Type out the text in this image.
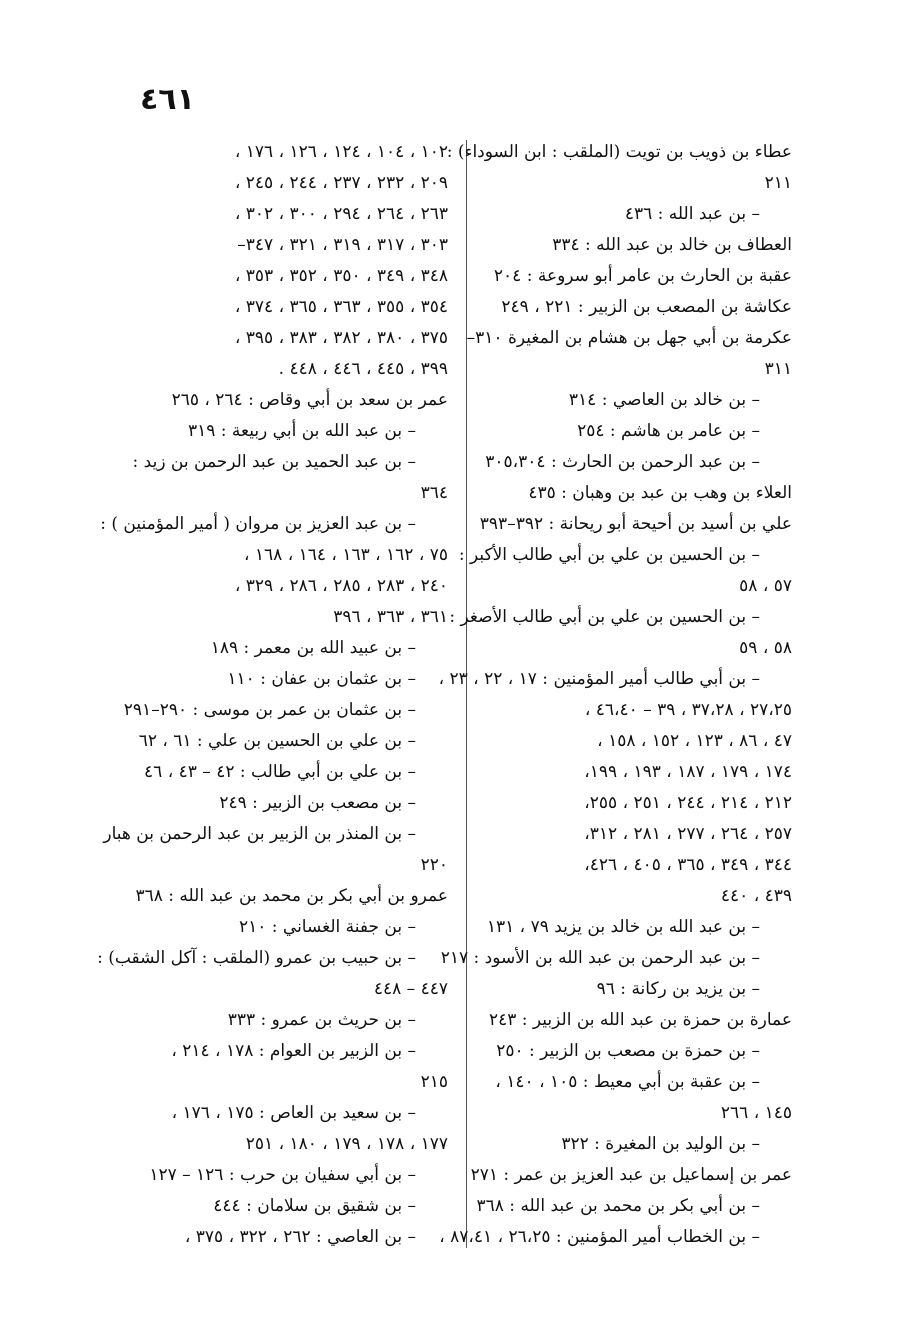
٤٦١
عطاء بن ذويب بن تويت (الملقب : ابن السوداء) :
٢١١
– بن عبد الله : ٤٣٦
العطاف بن خالد بن عبد الله : ٣٣٤
عقبة بن الحارث بن عامر أبو سروعة : ٢٠٤
عكاشة بن المصعب بن الزبير : ٢٢١ ، ٢٤٩
عكرمة بن أبي جهل بن هشام بن المغيرة ٣١٠–
٣١١
– بن خالد بن العاصي : ٣١٤
– بن عامر بن هاشم : ٢٥٤
– بن عبد الرحمن بن الحارث : ٣٠٥،٣٠٤
العلاء بن وهب بن عبد بن وهبان : ٤٣٥
علي بن أسيد بن أحيحة أبو ريحانة : ٣٩٢–٣٩٣
– بن الحسين بن علي بن أبي طالب الأكبر :
٥٧ ، ٥٨
– بن الحسين بن علي بن أبي طالب الأصغر :
٥٨ ، ٥٩
– بن أبي طالب أمير المؤمنين : ١٧ ، ٢٢ ، ٢٣ ،
٢٧،٢٥ ، ٣٧،٢٨ ، ٣٩ – ٤٦،٤٠ ،
٤٧ ، ٨٦ ، ١٢٣ ، ١٥٢ ، ١٥٨ ،
١٧٤ ، ١٧٩ ، ١٨٧ ، ١٩٣ ، ١٩٩،
٢١٢ ، ٢١٤ ، ٢٤٤ ، ٢٥١ ، ٢٥٥،
٢٥٧ ، ٢٦٤ ، ٢٧٧ ، ٢٨١ ، ٣١٢،
٣٤٤ ، ٣٤٩ ، ٣٦٥ ، ٤٠٥ ، ٤٢٦،
٤٣٩ ، ٤٤٠
– بن عبد الله بن خالد بن يزيد ٧٩ ، ١٣١
– بن عبد الرحمن بن عبد الله بن الأسود : ٢١٧
– بن يزيد بن ركانة : ٩٦
عمارة بن حمزة بن عبد الله بن الزبير : ٢٤٣
– بن حمزة بن مصعب بن الزبير : ٢٥٠
– بن عقبة بن أبي معيط : ١٠٥ ، ١٤٠ ،
١٤٥ ، ٢٦٦
– بن الوليد بن المغيرة : ٣٢٢
عمر بن إسماعيل بن عبد العزيز بن عمر : ٢٧١
– بن أبي بكر بن محمد بن عبد الله : ٣٦٨
– بن الخطاب أمير المؤمنين : ٢٦،٢٥ ، ٨٧،٤١ ،
١٠٢ ، ١٠٤ ، ١٢٤ ، ١٢٦ ، ١٧٦ ،
٢٠٩ ، ٢٣٢ ، ٢٣٧ ، ٢٤٤ ، ٢٤٥ ،
٢٦٣ ، ٢٦٤ ، ٢٩٤ ، ٣٠٠ ، ٣٠٢ ،
٣٠٣ ، ٣١٧ ، ٣١٩ ، ٣٢١ ، ٣٤٧–
٣٤٨ ، ٣٤٩ ، ٣٥٠ ، ٣٥٢ ، ٣٥٣ ،
٣٥٤ ، ٣٥٥ ، ٣٦٣ ، ٣٦٥ ، ٣٧٤ ،
٣٧٥ ، ٣٨٠ ، ٣٨٢ ، ٣٨٣ ، ٣٩٥ ،
٣٩٩ ، ٤٤٥ ، ٤٤٦ ، ٤٤٨ .
عمر بن سعد بن أبي وقاص : ٢٦٤ ، ٢٦٥
– بن عبد الله بن أبي ربيعة : ٣١٩
– بن عبد الحميد بن عبد الرحمن بن زيد :
٣٦٤
– بن عبد العزيز بن مروان ( أمير المؤمنين ) :
٧٥ ، ١٦٢ ، ١٦٣ ، ١٦٤ ، ١٦٨ ،
٢٤٠ ، ٢٨٣ ، ٢٨٥ ، ٢٨٦ ، ٣٢٩ ،
٣٦١ ، ٣٦٣ ، ٣٩٦
– بن عبيد الله بن معمر : ١٨٩
– بن عثمان بن عفان : ١١٠
– بن عثمان بن عمر بن موسى : ٢٩٠–٢٩١
– بن علي بن الحسين بن علي : ٦١ ، ٦٢
– بن علي بن أبي طالب : ٤٢ – ٤٣ ، ٤٦
– بن مصعب بن الزبير : ٢٤٩
– بن المنذر بن الزبير بن عبد الرحمن بن هبار
٢٢٠
عمرو بن أبي بكر بن محمد بن عبد الله : ٣٦٨
– بن جفنة الغساني : ٢١٠
– بن حبيب بن عمرو (الملقب : آكل الشقب) :
٤٤٧ – ٤٤٨
– بن حريث بن عمرو : ٣٣٣
– بن الزبير بن العوام : ١٧٨ ، ٢١٤ ،
٢١٥
– بن سعيد بن العاص : ١٧٥ ، ١٧٦ ،
١٧٧ ، ١٧٨ ، ١٧٩ ، ١٨٠ ، ٢٥١
– بن أبي سفيان بن حرب : ١٢٦ – ١٢٧
– بن شقيق بن سلامان : ٤٤٤
– بن العاصي : ٢٦٢ ، ٣٢٢ ، ٣٧٥ ،
